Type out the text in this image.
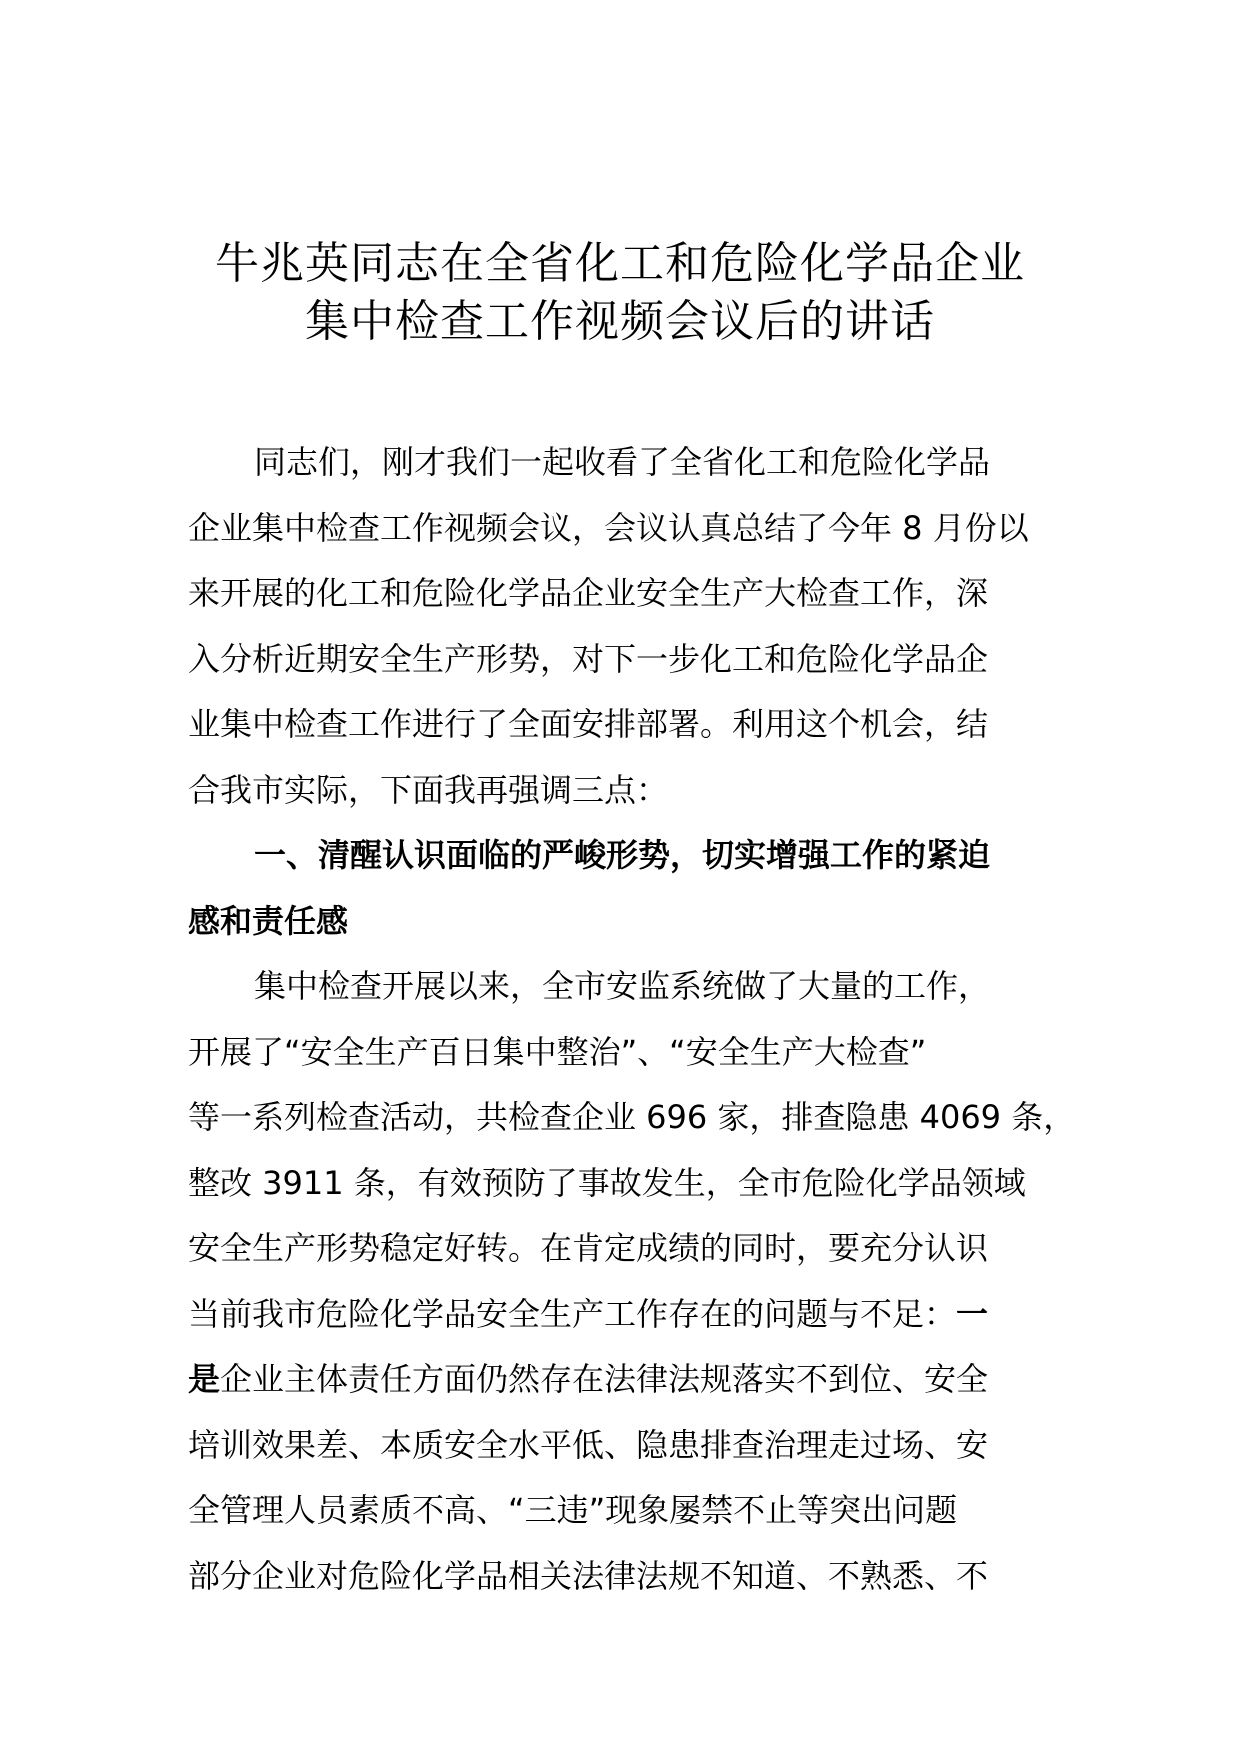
牛兆英同志在全省化工和危险化学品企业
集中检查工作视频会议后的讲话
同志们，刚才我们一起收看了全省化工和危险化学品
企业集中检查工作视频会议，会议认真总结了今年 8 月份以
来开展的化工和危险化学品企业安全生产大检查工作，深
入分析近期安全生产形势，对下一步化工和危险化学品企
业集中检查工作进行了全面安排部署。利用这个机会，结
合我市实际，下面我再强调三点：
一、清醒认识面临的严峻形势，切实增强工作的紧迫
感和责任感
集中检查开展以来，全市安监系统做了大量的工作，
开展了“安全生产百日集中整治”、“安全生产大检查”
等一系列检查活动，共检查企业 696 家，排查隐患 4069 条，
整改 3911 条，有效预防了事故发生，全市危险化学品领域
安全生产形势稳定好转。在肯定成绩的同时，要充分认识
当前我市危险化学品安全生产工作存在的问题与不足：一
是企业主体责任方面仍然存在法律法规落实不到位、安全
培训效果差、本质安全水平低、隐患排查治理走过场、安
全管理人员素质不高、“三违”现象屡禁不止等突出问题
部分企业对危险化学品相关法律法规不知道、不熟悉、不
